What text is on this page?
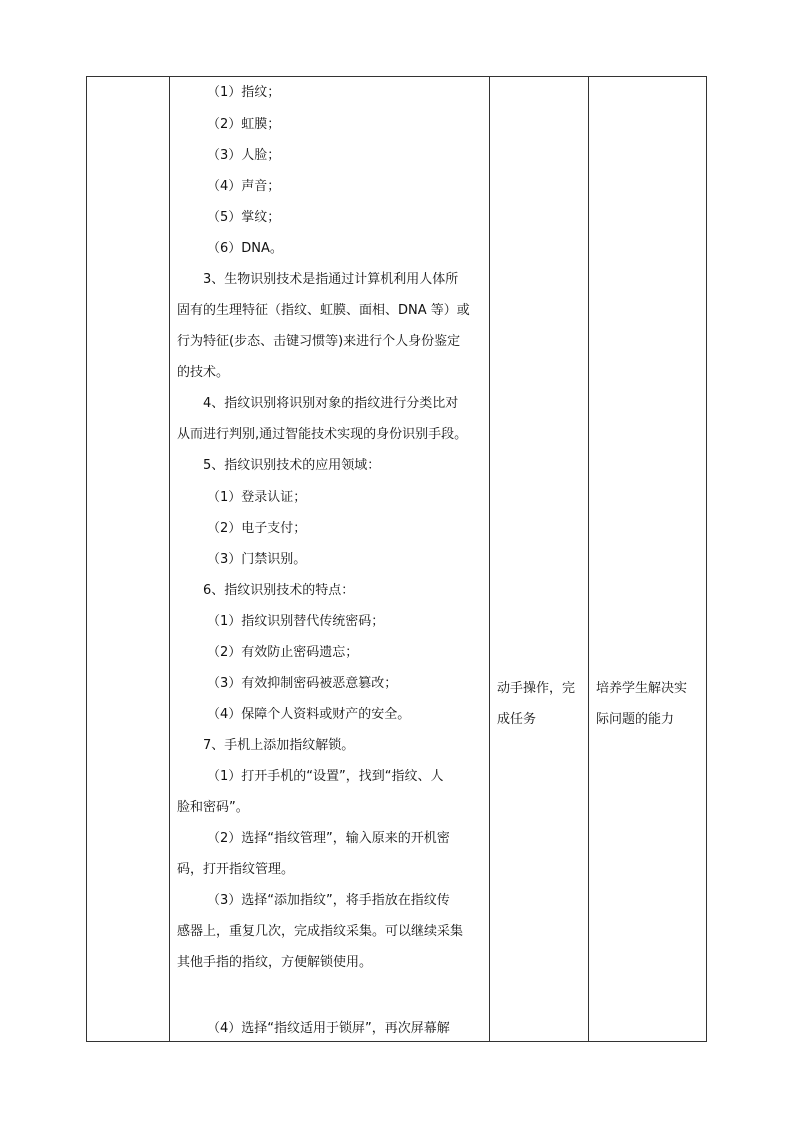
（1）指纹；
（2）虹膜；
（3）人脸；
（4）声音；
（5）掌纹；
（6）DNA。
3、生物识别技术是指通过计算机利用人体所
固有的生理特征（指纹、虹膜、面相、DNA 等）或
行为特征(步态、击键习惯等)来进行个人身份鉴定
的技术。
4、指纹识别将识别对象的指纹进行分类比对
从而进行判别,通过智能技术实现的身份识别手段。
5、指纹识别技术的应用领域：
（1）登录认证；
（2）电子支付；
（3）门禁识别。
6、指纹识别技术的特点：
（1）指纹识别替代传统密码；
（2）有效防止密码遗忘；
（3）有效抑制密码被恶意篡改；
（4）保障个人资料或财产的安全。
7、手机上添加指纹解锁。
（1）打开手机的“设置”，找到“指纹、人
脸和密码”。
（2）选择“指纹管理”，输入原来的开机密
码，打开指纹管理。
（3）选择“添加指纹”，将手指放在指纹传
感器上，重复几次，完成指纹采集。可以继续采集
其他手指的指纹，方便解锁使用。
（4）选择“指纹适用于锁屏”，再次屏幕解
动手操作，完
成任务
培养学生解决实
际问题的能力
